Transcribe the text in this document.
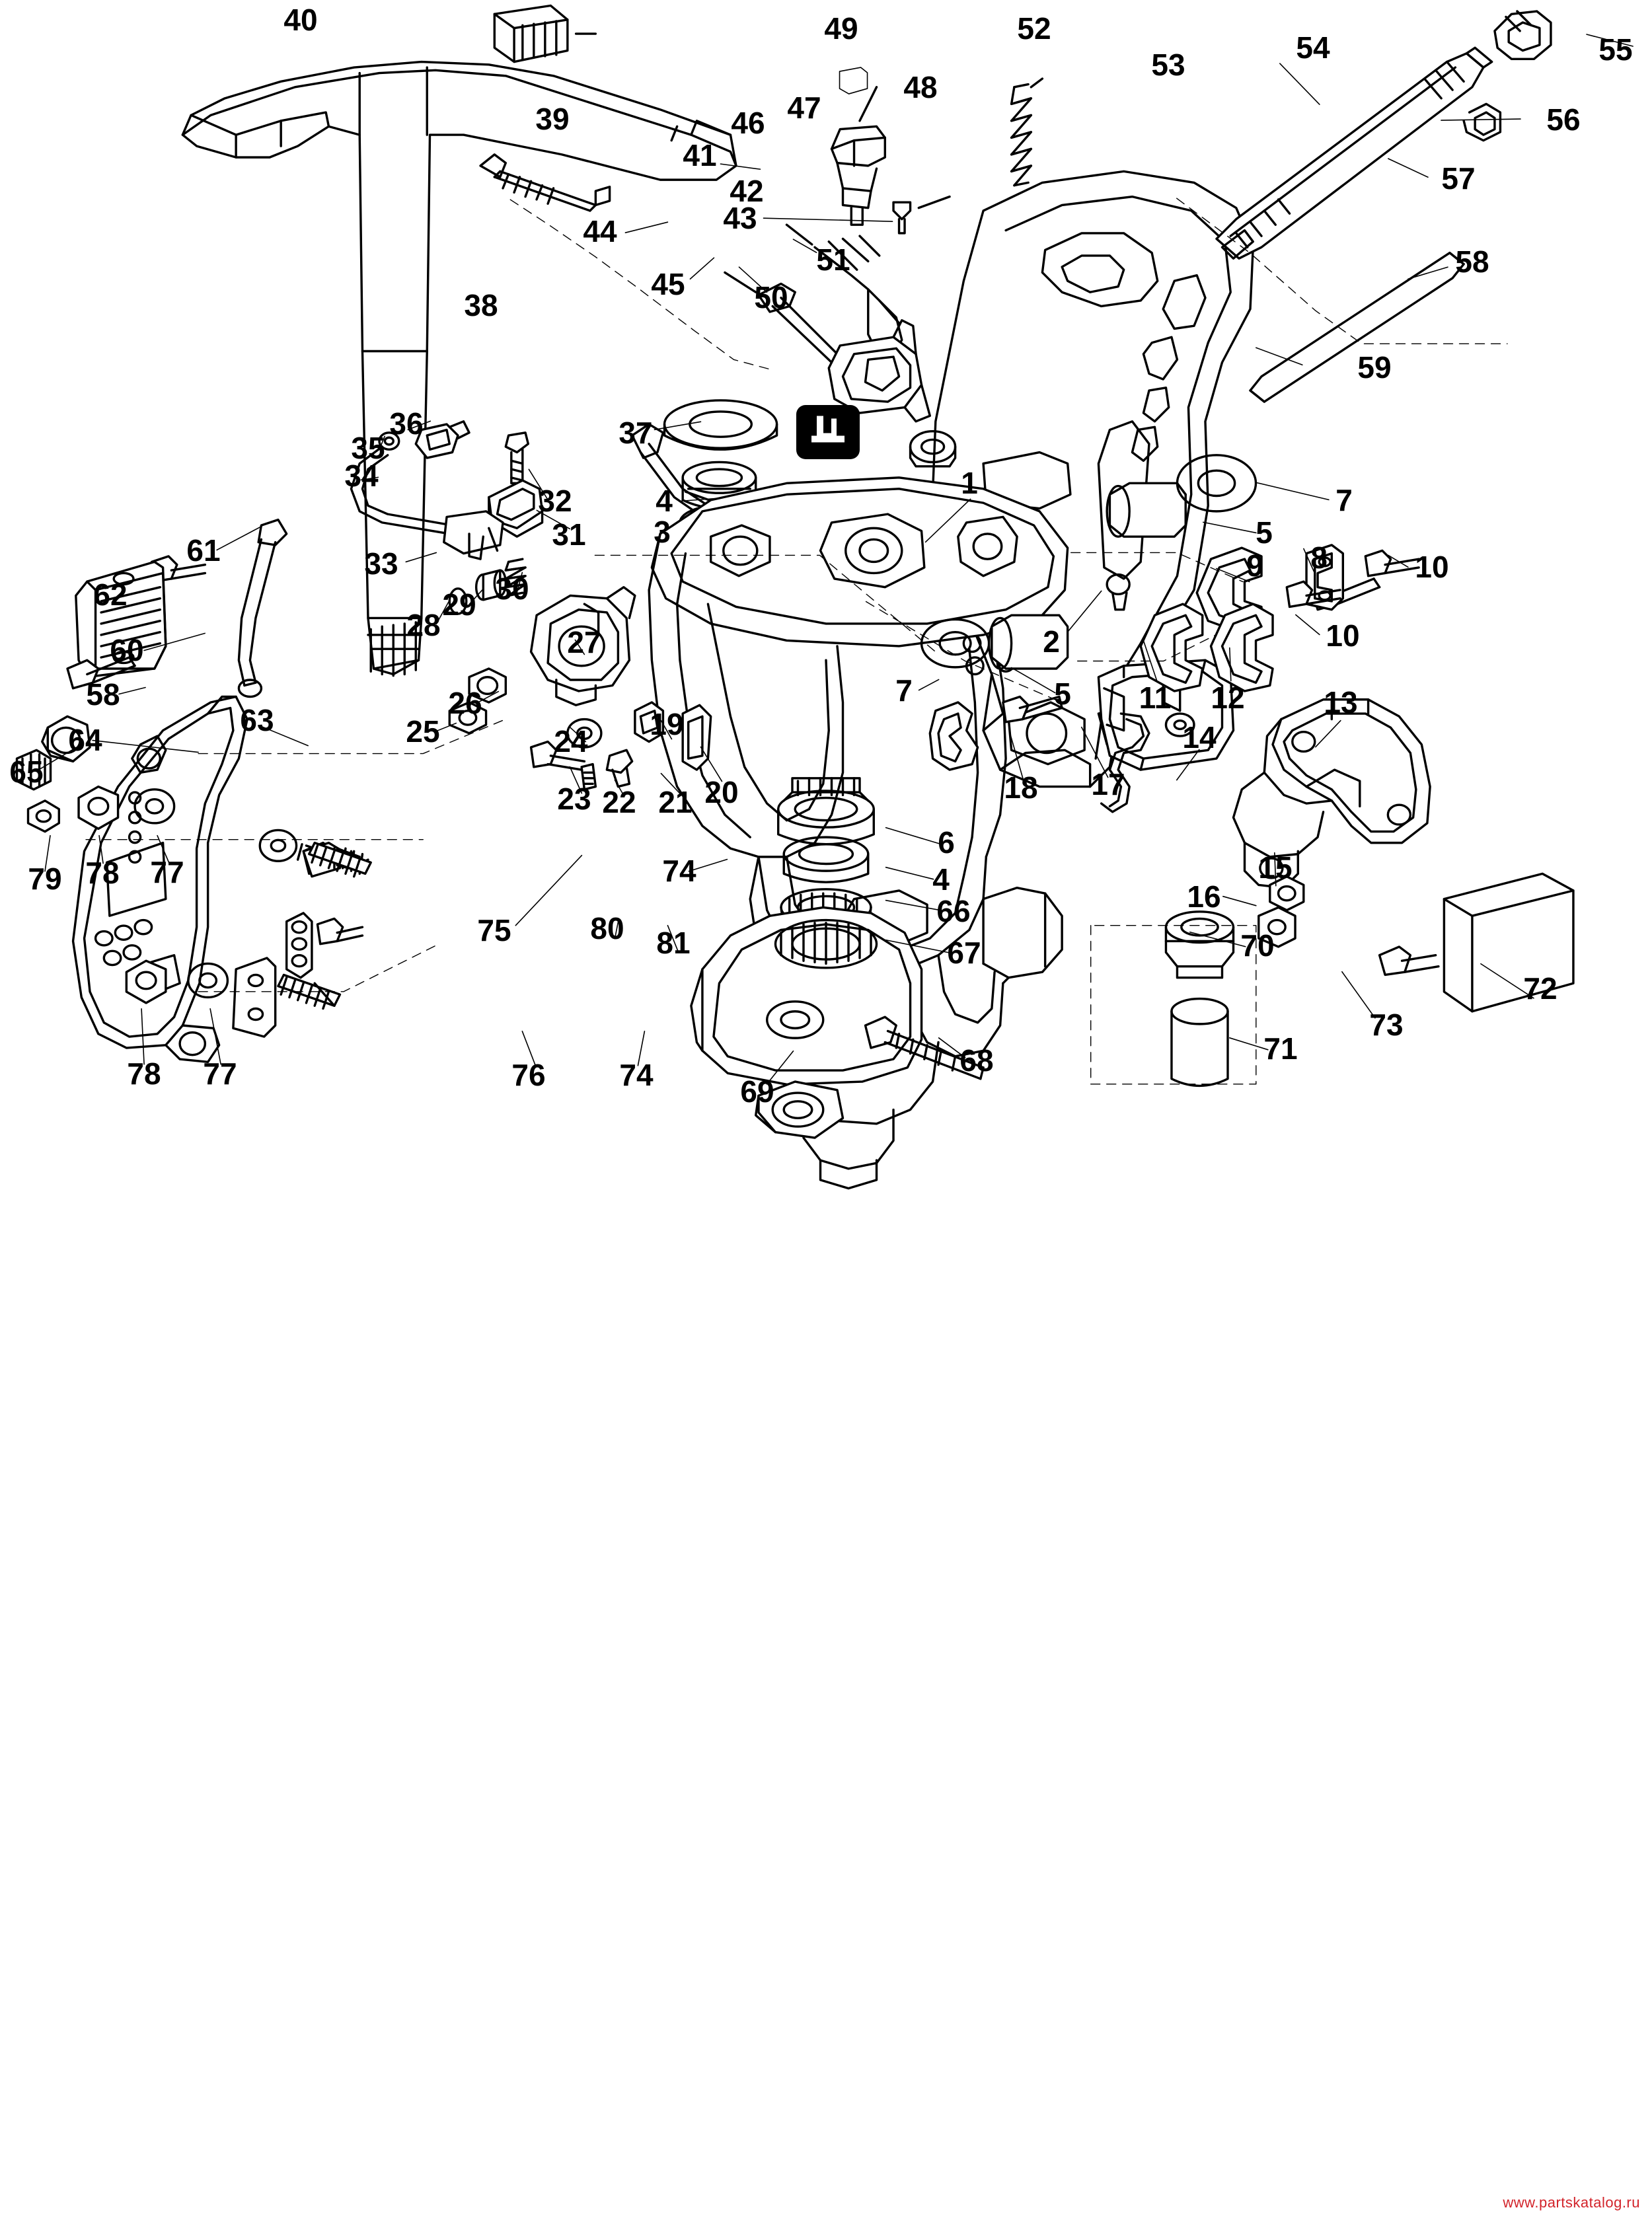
40	49	52
53	54	55
48
47
39	56
46
41
57
42
43
44
51	58
45
38	50
59
36	37
35
34	1
32	4	7
31 3	5
33
61	8
9	10
62	30
29
28	2	10
27
60
7	5 11 12	13
26
58
63	25	19
24	14
64
17
65	18
20
23 22 21
6
15
79 78 77	74	4	16
66
75	80 81	67	70
72
73
71
68
78 77	76 74	69
www.partskatalog.ru
